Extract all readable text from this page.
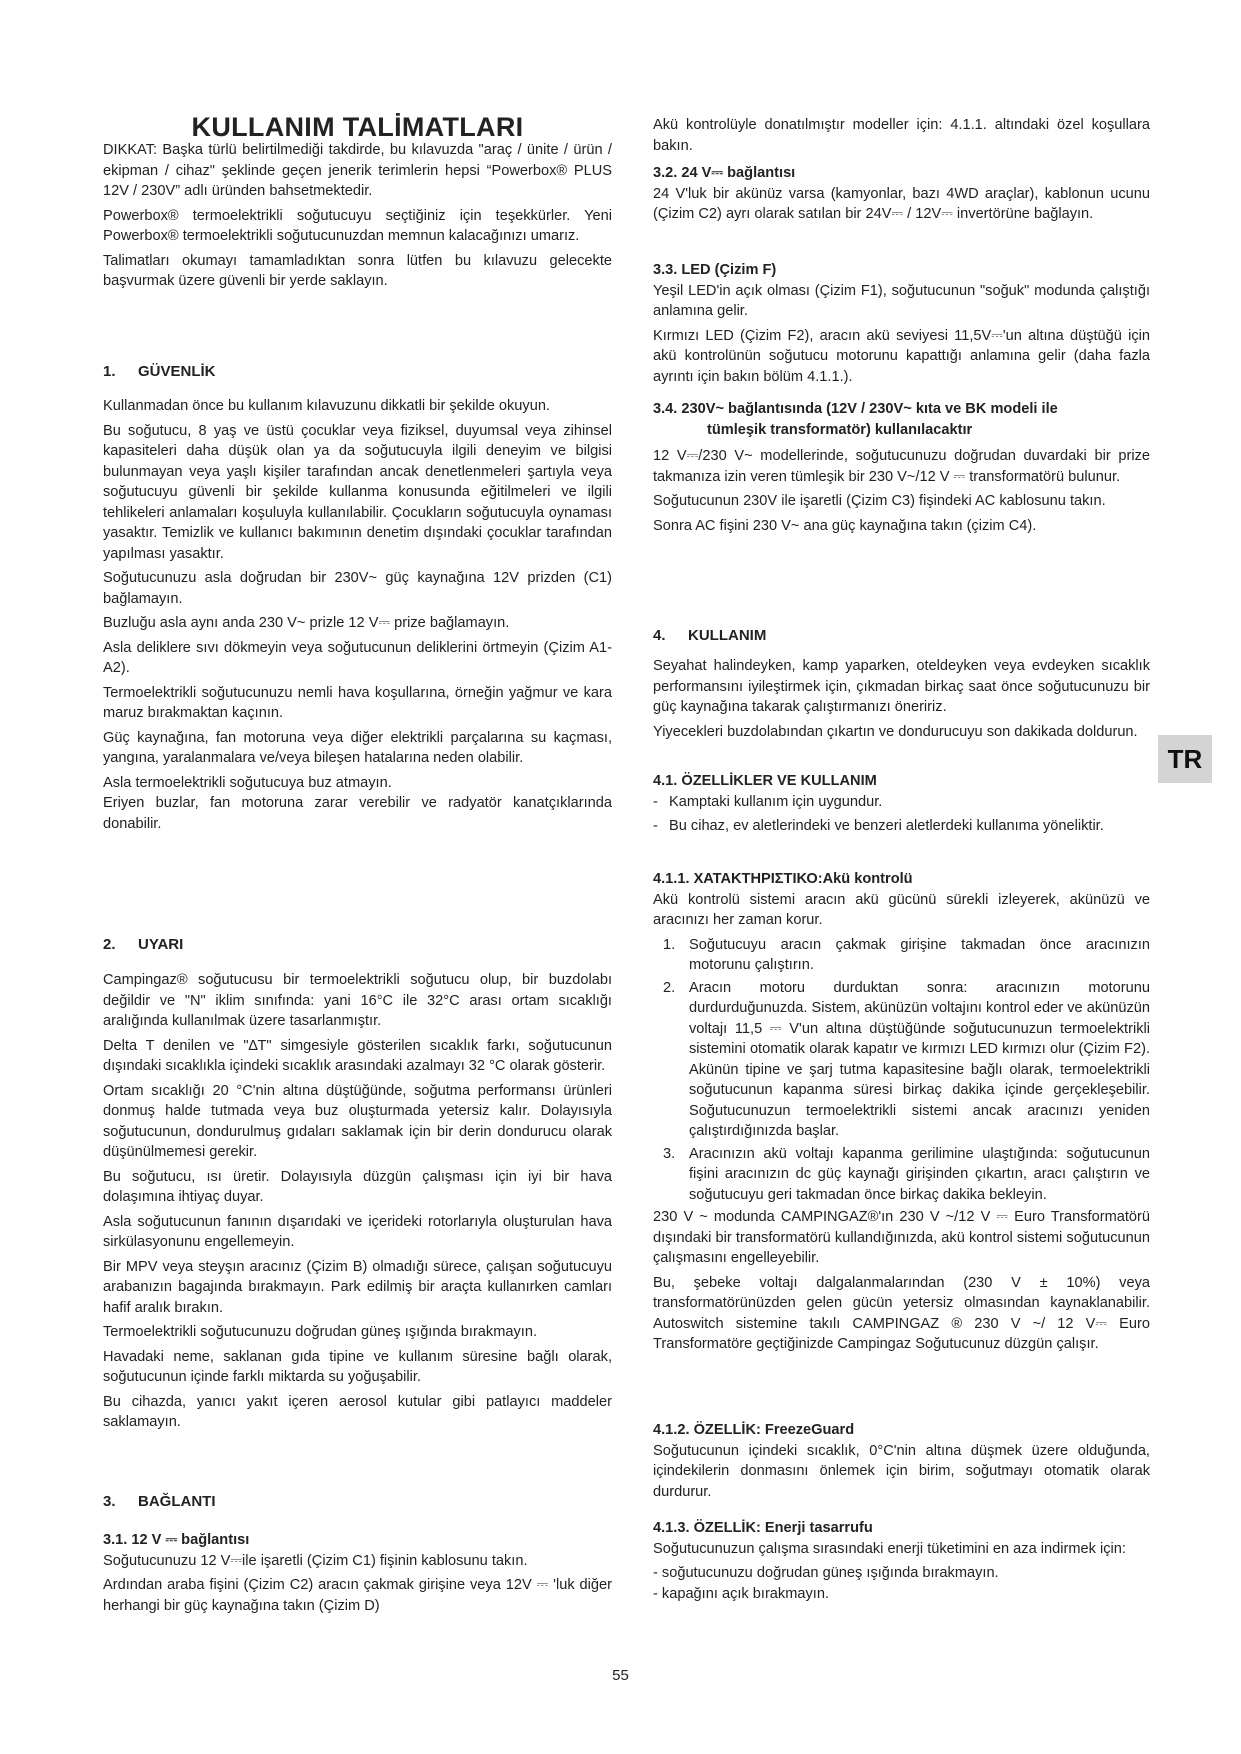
KULLANIM TALİMATLARI

DIKKAT: Başka türlü belirtilmediği takdirde, bu kılavuzda "araç / ünite / ürün / ekipman / cihaz" şeklinde geçen jenerik terimlerin hepsi “Powerbox® PLUS 12V / 230V” adlı üründen bahsetmektedir.

Powerbox® termoelektrikli soğutucuyu seçtiğiniz için teşekkürler. Yeni Powerbox® termoelektrikli soğutucunuzdan memnun kalacağınızı umarız.

Talimatları okumayı tamamladıktan sonra lütfen bu kılavuzu gelecekte başvurmak üzere güvenli bir yerde saklayın.

1. GÜVENLİK

Kullanmadan önce bu kullanım kılavuzunu dikkatli bir şekilde okuyun.

Bu soğutucu, 8 yaş ve üstü çocuklar veya fiziksel, duyumsal veya zihinsel kapasiteleri daha düşük olan ya da soğutucuyla ilgili deneyim ve bilgisi bulunmayan veya yaşlı kişiler tarafından ancak denetlenmeleri şartıyla veya soğutucuyu güvenli bir şekilde kullanma konusunda eğitilmeleri ve ilgili tehlikeleri anlamaları koşuluyla kullanılabilir. Çocukların soğutucuyla oynaması yasaktır. Temizlik ve kullanıcı bakımının denetim dışındaki çocuklar tarafından yapılması yasaktır.

Soğutucunuzu asla doğrudan bir 230V~ güç kaynağına 12V prizden (C1) bağlamayın.

Buzluğu asla aynı anda 230 V~ prizle 12 V⎓ prize bağlamayın.

Asla deliklere sıvı dökmeyin veya soğutucunun deliklerini örtmeyin (Çizim A1-A2).

Termoelektrikli soğutucunuzu nemli hava koşullarına, örneğin yağmur ve kara maruz bırakmaktan kaçının.

Güç kaynağına, fan motoruna veya diğer elektrikli parçalarına su kaçması, yangına, yaralanmalara ve/veya bileşen hatalarına neden olabilir.

Asla termoelektrikli soğutucuya buz atmayın.

Eriyen buzlar, fan motoruna zarar verebilir ve radyatör kanatçıklarında donabilir.

2. UYARI

Campingaz® soğutucusu bir termoelektrikli soğutucu olup, bir buzdolabı değildir ve "N" iklim sınıfında: yani 16°C ile 32°C arası ortam sıcaklığı aralığında kullanılmak üzere tasarlanmıştır.

Delta T denilen ve "∆T" simgesiyle gösterilen sıcaklık farkı, soğutucunun dışındaki sıcaklıkla içindeki sıcaklık arasındaki azalmayı 32 °C olarak gösterir.

Ortam sıcaklığı 20 °C'nin altına düştüğünde, soğutma performansı ürünleri donmuş halde tutmada veya buz oluşturmada yetersiz kalır. Dolayısıyla soğutucunun, dondurulmuş gıdaları saklamak için bir derin dondurucu olarak düşünülmemesi gerekir.

Bu soğutucu, ısı üretir. Dolayısıyla düzgün çalışması için iyi bir hava dolaşımına ihtiyaç duyar.

Asla soğutucunun fanının dışarıdaki ve içerideki rotorlarıyla oluşturulan hava sirkülasyonunu engellemeyin.

Bir MPV veya steyşın aracınız (Çizim B) olmadığı sürece, çalışan soğutucuyu arabanızın bagajında bırakmayın. Park edilmiş bir araçta kullanırken camları hafif aralık bırakın.

Termoelektrikli soğutucunuzu doğrudan güneş ışığında bırakmayın.

Havadaki neme, saklanan gıda tipine ve kullanım süresine bağlı olarak, soğutucunun içinde farklı miktarda su yoğuşabilir.

Bu cihazda, yanıcı yakıt içeren aerosol kutular gibi patlayıcı maddeler saklamayın.

3. BAĞLANTI

3.1. 12 V ⎓ bağlantısı

Soğutucunuzu 12 V⎓ile işaretli (Çizim C1) fişinin kablosunu takın.

Ardından araba fişini (Çizim C2) aracın çakmak girişine veya 12V ⎓ 'luk diğer herhangi bir güç kaynağına takın (Çizim D)

Akü kontrolüyle donatılmıştır modeller için: 4.1.1. altındaki özel koşullara bakın.

3.2. 24 V⎓ bağlantısı

24 V'luk bir akünüz varsa (kamyonlar, bazı 4WD araçlar), kablonun ucunu (Çizim C2) ayrı olarak satılan bir 24V⎓ / 12V⎓ invertörüne bağlayın.

3.3. LED (Çizim F)

Yeşil LED'in açık olması (Çizim F1), soğutucunun "soğuk" modunda çalıştığı anlamına gelir.

Kırmızı LED (Çizim F2), aracın akü seviyesi 11,5V⎓'un altına düştüğü için akü kontrolünün soğutucu motorunu kapattığı anlamına gelir (daha fazla ayrıntı için bakın bölüm 4.1.1.).

3.4. 230V~ bağlantısında (12V / 230V~ kıta ve BK modeli ile

tümleşik transformatör) kullanılacaktır

12 V⎓/230 V~ modellerinde, soğutucunuzu doğrudan duvardaki bir prize takmanıza izin veren tümleşik bir 230 V~/12 V ⎓ transformatörü bulunur.

Soğutucunun 230V ile işaretli (Çizim C3) fişindeki AC kablosunu takın.

Sonra AC fişini 230 V~ ana güç kaynağına takın (çizim C4).

4. KULLANIM

Seyahat halindeyken, kamp yaparken, oteldeyken veya evdeyken sıcaklık performansını iyileştirmek için, çıkmadan birkaç saat önce soğutucunuzu bir güç kaynağına takarak çalıştırmanızı öneririz.

Yiyecekleri buzdolabından çıkartın ve dondurucuyu son dakikada doldurun.

4.1. ÖZELLİKLER VE KULLANIM

- Kamptaki kullanım için uygundur.
- Bu cihaz, ev aletlerindeki ve benzeri aletlerdeki kullanıma yöneliktir.

4.1.1. ΧΑΤΑΚΤΗΡΙΣΤΙΚΟ:Akü kontrolü

Akü kontrolü sistemi aracın akü gücünü sürekli izleyerek, akünüzü ve aracınızı her zaman korur.

1. Soğutucuyu aracın çakmak girişine takmadan önce aracınızın motorunu çalıştırın.
2. Aracın motoru durduktan sonra: aracınızın motorunu durdurduğunuzda. Sistem, akünüzün voltajını kontrol eder ve akünüzün voltajı 11,5 ⎓ V'un altına düştüğünde soğutucunuzun termoelektrikli sistemini otomatik olarak kapatır ve kırmızı LED kırmızı olur (Çizim F2). Akünün tipine ve şarj tutma kapasitesine bağlı olarak, termoelektrikli soğutucunun kapanma süresi birkaç dakika içinde gerçekleşebilir. Soğutucunuzun termoelektrikli sistemi ancak aracınızı yeniden çalıştırdığınızda başlar.
3. Aracınızın akü voltajı kapanma gerilimine ulaştığında: soğutucunun fişini aracınızın dc güç kaynağı girişinden çıkartın, aracı çalıştırın ve soğutucuyu geri takmadan önce birkaç dakika bekleyin.

230 V ~ modunda CAMPINGAZ®'ın 230 V ~/12 V ⎓ Euro Transformatörü dışındaki bir transformatörü kullandığınızda, akü kontrol sistemi soğutucunun çalışmasını engelleyebilir.

Bu, şebeke voltajı dalgalanmalarından (230 V ± 10%) veya transformatörünüzden gelen gücün yetersiz olmasından kaynaklanabilir. Autoswitch sistemine takılı CAMPINGAZ ® 230 V ~/ 12 V⎓ Euro Transformatöre geçtiğinizde Campingaz Soğutucunuz düzgün çalışır.

4.1.2. ÖZELLİK: FreezeGuard

Soğutucunun içindeki sıcaklık, 0°C'nin altına düşmek üzere olduğunda, içindekilerin donmasını önlemek için birim, soğutmayı otomatik olarak durdurur.

4.1.3. ÖZELLİK: Enerji tasarrufu

Soğutucunuzun çalışma sırasındaki enerji tüketimini en aza indirmek için:

- soğutucunuzu doğrudan güneş ışığında bırakmayın.

- kapağını açık bırakmayın.

TR
55
